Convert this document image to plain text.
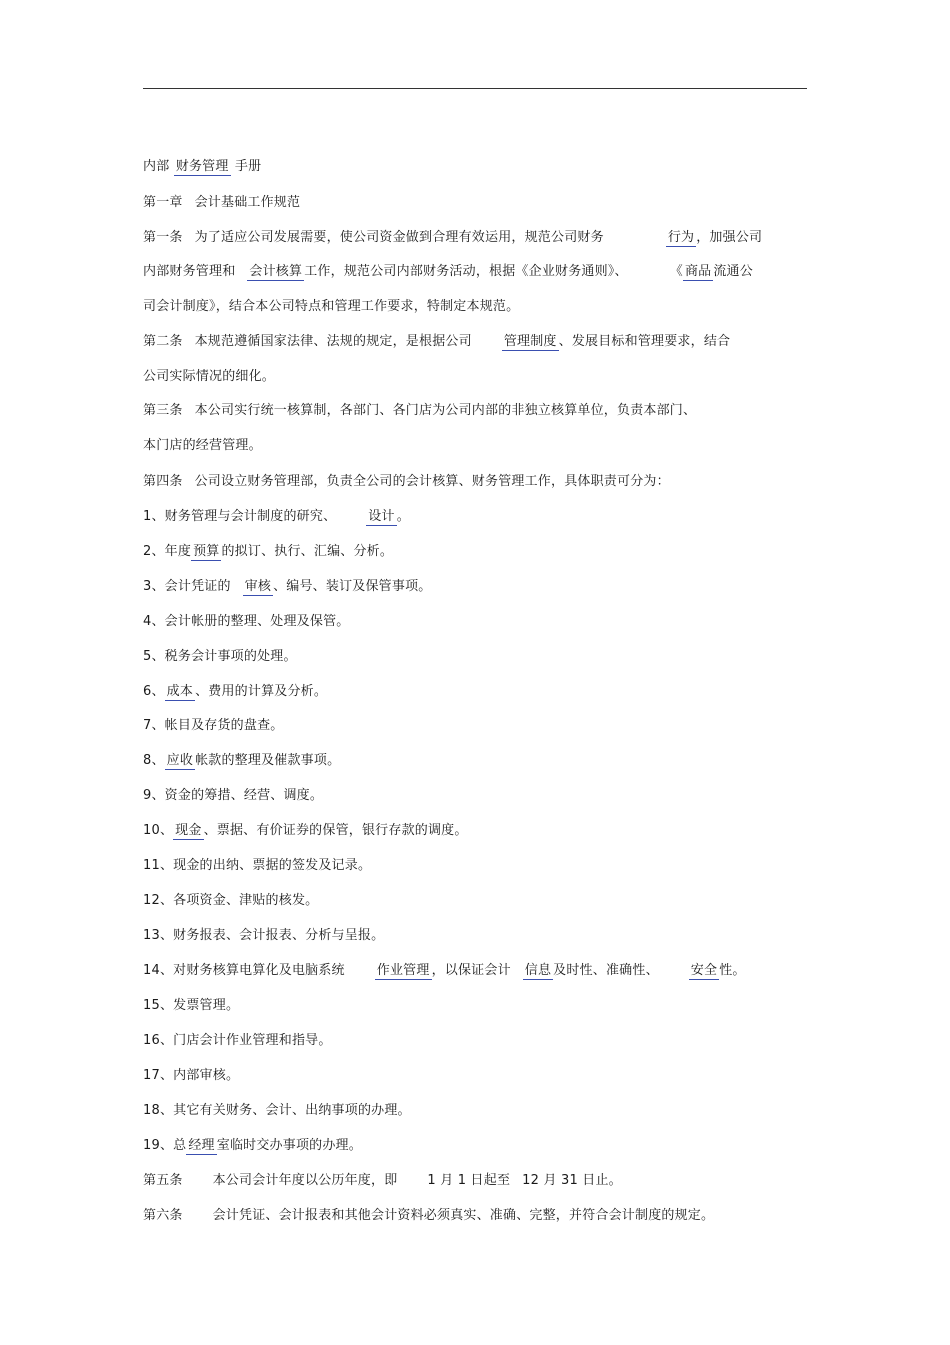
内部 财务管理 手册
第一章 会计基础工作规范
第一条 为了适应公司发展需要，使公司资金做到合理有效运用，规范公司财务	行为 ，加强公司
内部财务管理和 会计核算 工作，规范公司内部财务活动，根据《企业财务通则》、	《 商品 流通公
司会计制度》，结合本公司特点和管理工作要求，特制定本规范。
第二条 本规范遵循国家法律、法规的规定，是根据公司 管理制度 、发展目标和管理要求，结合
公司实际情况的细化。
第三条 本公司实行统一核算制，各部门、各门店为公司内部的非独立核算单位，负责本部门、
本门店的经营管理。
第四条 公司设立财务管理部，负责全公司的会计核算、财务管理工作，具体职责可分为：
1、财务管理与会计制度的研究、 设计 。
2、年度 预算 的拟订、执行、汇编、分析。
3、会计凭证的 审核 、编号、装订及保管事项。
4、会计帐册的整理、处理及保管。
5、税务会计事项的处理。
6、 成本 、费用的计算及分析。
7、帐目及存货的盘查。
8、 应收 帐款的整理及催款事项。
9、资金的筹措、经营、调度。
10、 现金 、票据、有价证券的保管，银行存款的调度。
11、现金的出纳、票据的签发及记录。
12、各项资金、津贴的核发。
13、财务报表、会计报表、分析与呈报。
14、对财务核算电算化及电脑系统 作业管理 ，以保证会计 信息 及时性、准确性、 安全 性。
15、发票管理。
16、门店会计作业管理和指导。
17、内部审核。
18、其它有关财务、会计、出纳事项的办理。
19、总 经理 室临时交办事项的办理。
第五条 本公司会计年度以公历年度，即 1 月 1 日起至 12 月 31 日止。
第六条 会计凭证、会计报表和其他会计资料必须真实、准确、完整，并符合会计制度的规定。
